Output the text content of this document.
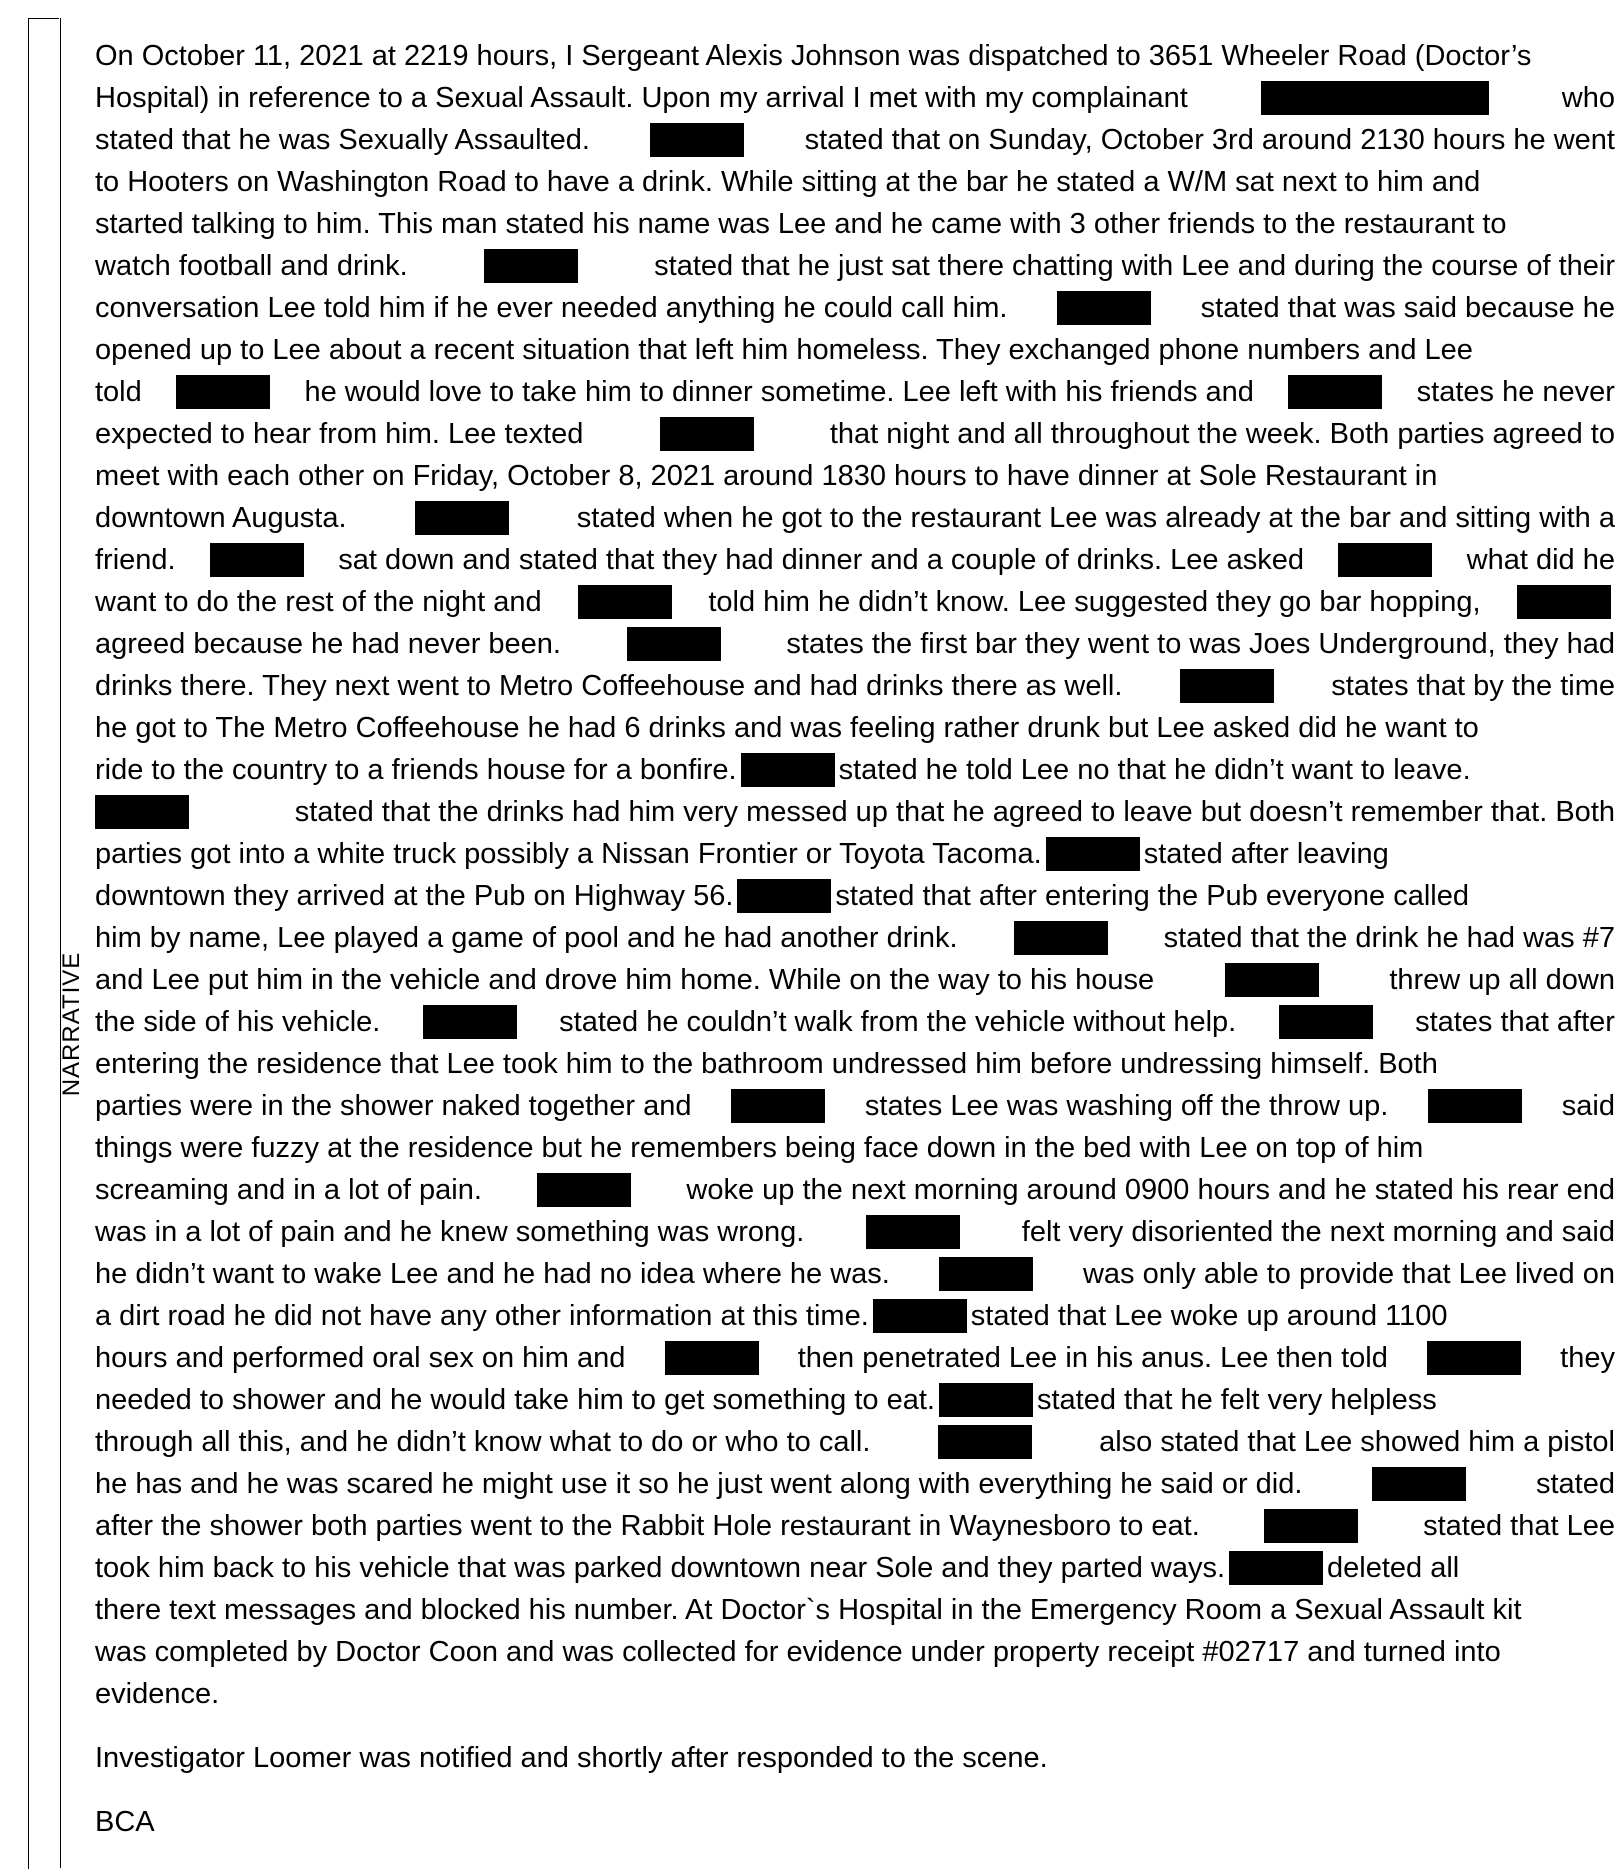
NARRATIVE
On October 11, 2021 at 2219 hours, I Sergeant Alexis Johnson was dispatched to 3651 Wheeler Road (Doctor’s
Hospital) in reference to a Sexual Assault. Upon my arrival I met with my complainant	who
stated that he was Sexually Assaulted.	stated that on Sunday, October 3rd around 2130 hours he went
to Hooters on Washington Road to have a drink. While sitting at the bar he stated a W/M sat next to him and
started talking to him. This man stated his name was Lee and he came with 3 other friends to the restaurant to
watch football and drink.	stated that he just sat there chatting with Lee and during the course of their
conversation Lee told him if he ever needed anything he could call him.	stated that was said because he
opened up to Lee about a recent situation that left him homeless. They exchanged phone numbers and Lee
told	he would love to take him to dinner sometime. Lee left with his friends and	states he never
expected to hear from him. Lee texted	that night and all throughout the week. Both parties agreed to
meet with each other on Friday, October 8, 2021 around 1830 hours to have dinner at Sole Restaurant in
downtown Augusta.	stated when he got to the restaurant Lee was already at the bar and sitting with a
friend.	sat down and stated that they had dinner and a couple of drinks. Lee asked	what did he
want to do the rest of the night and	told him he didn’t know. Lee suggested they go bar hopping,
agreed because he had never been.	states the first bar they went to was Joes Underground, they had
drinks there. They next went to Metro Coffeehouse and had drinks there as well.	states that by the time
he got to The Metro Coffeehouse he had 6 drinks and was feeling rather drunk but Lee asked did he want to
ride to the country to a friends house for a bonfire.	stated he told Lee no that he didn’t want to leave.
stated that the drinks had him very messed up that he agreed to leave but doesn’t remember that. Both
parties got into a white truck possibly a Nissan Frontier or Toyota Tacoma.	stated after leaving
downtown they arrived at the Pub on Highway 56.	stated that after entering the Pub everyone called
him by name, Lee played a game of pool and he had another drink.	stated that the drink he had was #7
and Lee put him in the vehicle and drove him home. While on the way to his house	threw up all down
the side of his vehicle.	stated he couldn’t walk from the vehicle without help.	states that after
entering the residence that Lee took him to the bathroom undressed him before undressing himself. Both
parties were in the shower naked together and	states Lee was washing off the throw up.	said
things were fuzzy at the residence but he remembers being face down in the bed with Lee on top of him
screaming and in a lot of pain.	woke up the next morning around 0900 hours and he stated his rear end
was in a lot of pain and he knew something was wrong.	felt very disoriented the next morning and said
he didn’t want to wake Lee and he had no idea where he was.	was only able to provide that Lee lived on
a dirt road he did not have any other information at this time.	stated that Lee woke up around 1100
hours and performed oral sex on him and	then penetrated Lee in his anus. Lee then told	they
needed to shower and he would take him to get something to eat.	stated that he felt very helpless
through all this, and he didn’t know what to do or who to call.	also stated that Lee showed him a pistol
he has and he was scared he might use it so he just went along with everything he said or did.	stated
after the shower both parties went to the Rabbit Hole restaurant in Waynesboro to eat.	stated that Lee
took him back to his vehicle that was parked downtown near Sole and they parted ways.	deleted all
there text messages and blocked his number. At Doctor`s Hospital in the Emergency Room a Sexual Assault kit
was completed by Doctor Coon and was collected for evidence under property receipt #02717 and turned into
evidence.
Investigator Loomer was notified and shortly after responded to the scene.
BCA
